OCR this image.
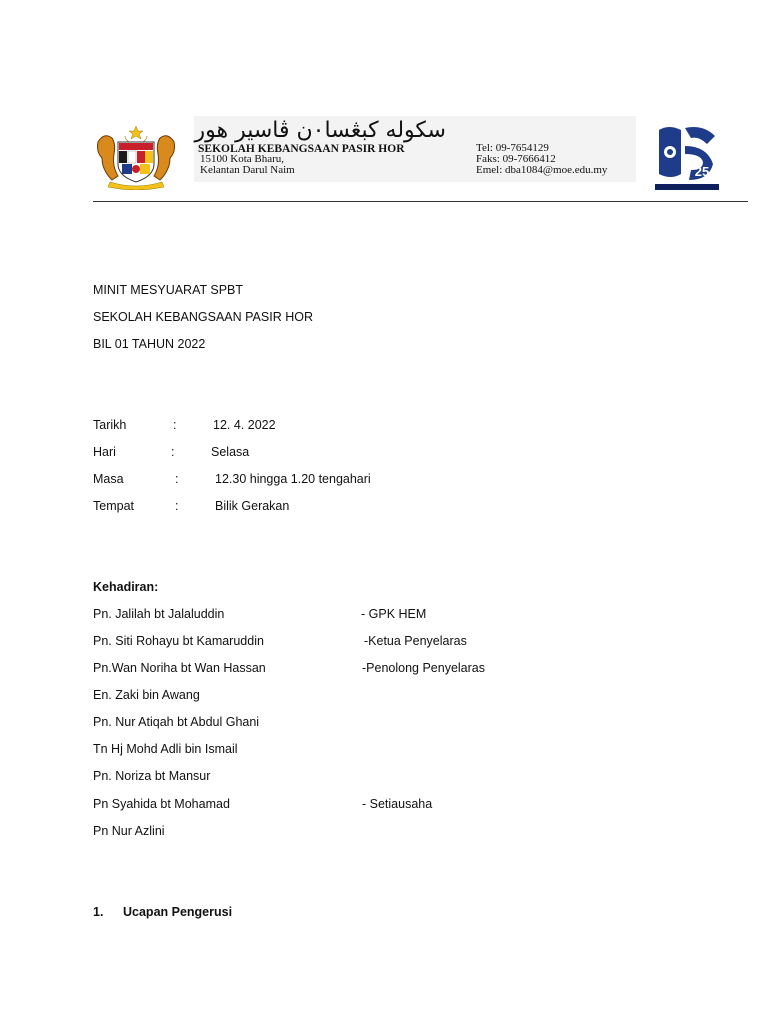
سكوله كبڠسا٠ن ڤاسير هور
SEKOLAH KEBANGSAAN PASIR HOR
15100 Kota Bharu,
Kelantan Darul Naim
Tel: 09-7654129
Faks: 09-7666412
Emel: dba1084@moe.edu.my	25
MINIT MESYUARAT SPBT
SEKOLAH KEBANGSAAN PASIR HOR
BIL 01 TAHUN 2022
Tarikh	:	12. 4. 2022
Hari	:	Selasa
Masa	:	12.30 hingga 1.20 tengahari
Tempat	:	Bilik Gerakan
Kehadiran:
Pn. Jalilah bt Jalaluddin	- GPK HEM
Pn. Siti Rohayu bt Kamaruddin	-Ketua Penyelaras
Pn.Wan Noriha bt Wan Hassan	-Penolong Penyelaras
En. Zaki bin Awang
Pn. Nur Atiqah bt Abdul Ghani
Tn Hj Mohd Adli bin Ismail
Pn. Noriza bt Mansur
Pn Syahida bt Mohamad	- Setiausaha
Pn Nur Azlini
1. Ucapan Pengerusi
